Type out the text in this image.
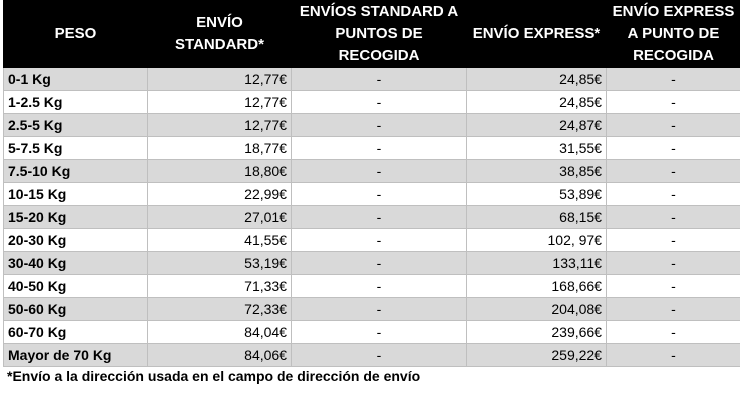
PESO	ENVÍO STANDARD*	ENVÍOS STANDARD A PUNTOS DE RECOGIDA	ENVÍO EXPRESS*	ENVÍO EXPRESS A PUNTO DE RECOGIDA
0-1 Kg	12,77€	-	24,85€	-
1-2.5 Kg	12,77€	-	24,85€	-
2.5-5 Kg	12,77€	-	24,87€	-
5-7.5 Kg	18,77€	-	31,55€	-
7.5-10 Kg	18,80€	-	38,85€	-
10-15 Kg	22,99€	-	53,89€	-
15-20 Kg	27,01€	-	68,15€	-
20-30 Kg	41,55€	-	102, 97€	-
30-40 Kg	53,19€	-	133,11€	-
40-50 Kg	71,33€	-	168,66€	-
50-60 Kg	72,33€	-	204,08€	-
60-70 Kg	84,04€	-	239,66€	-
Mayor de 70 Kg	84,06€	-	259,22€	-
*Envío a la dirección usada en el campo de dirección de envío
